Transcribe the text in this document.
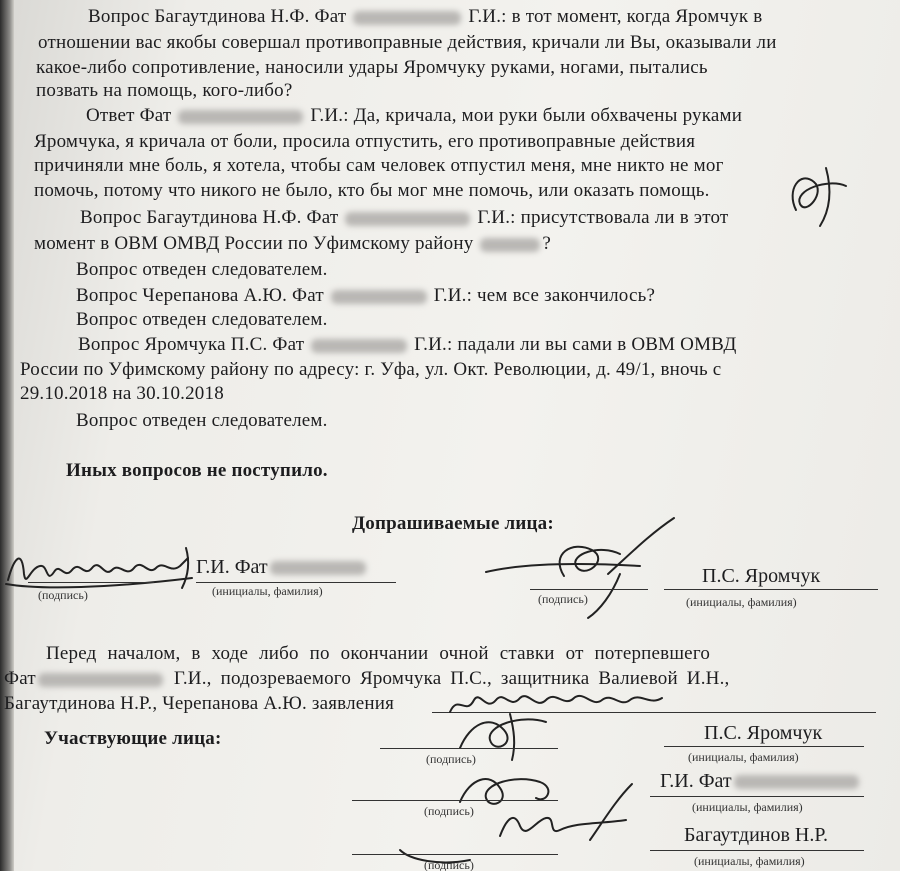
Вопрос Багаутдинова Н.Ф. Фат	Г.И.: в тот момент, когда Яромчук в
отношении вас якобы совершал противоправные действия, кричали ли Вы, оказывали ли
какое-либо сопротивление, наносили удары Яромчуку руками, ногами, пытались
позвать на помощь, кого-либо?
Ответ Фат	Г.И.: Да, кричала, мои руки были обхвачены руками
Яромчука, я кричала от боли, просила отпустить, его противоправные действия
причиняли мне боль, я хотела, чтобы сам человек отпустил меня, мне никто не мог
помочь, потому что никого не было, кто бы мог мне помочь, или оказать помощь.
Вопрос Багаутдинова Н.Ф. Фат	Г.И.: присутствовала ли в этот
момент в ОВМ ОМВД России по Уфимскому району	?
Вопрос отведен следователем.
Вопрос Черепанова А.Ю. Фат	Г.И.: чем все закончилось?
Вопрос отведен следователем.
Вопрос Яромчука П.С. Фат	Г.И.: падали ли вы сами в ОВМ ОМВД
России по Уфимскому району по адресу: г. Уфа, ул. Окт. Революции, д. 49/1, вночь с
29.10.2018 на 30.10.2018
Вопрос отведен следователем.
Иных вопросов не поступило.
Допрашиваемые лица:
Г.И. Фат
(подпись)	(инициалы, фамилия)
П.С. Яромчук
(подпись)	(инициалы, фамилия)
Перед началом, в ходе либо по окончании очной ставки от потерпевшего
Фат	Г.И., подозреваемого Яромчука П.С., защитника Валиевой И.Н.,
Багаутдинова Н.Р., Черепанова А.Ю. заявления
Участвующие лица:	П.С. Яромчук
(подпись)	(инициалы, фамилия)
Г.И. Фат
(подпись)	(инициалы, фамилия)
Багаутдинов Н.Р.
(подпись)	(инициалы, фамилия)
